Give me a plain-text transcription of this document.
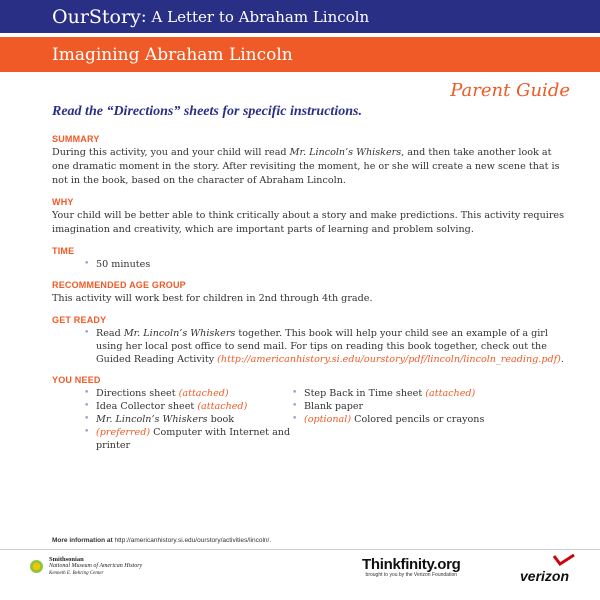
OurStory : A Letter to Abraham Lincoln
Imagining Abraham Lincoln
Parent Guide
Read the “Directions” sheets for specific instructions.
SUMMARY

During this activity, you and your child will read Mr. Lincoln’s Whiskers, and then take another look at one dramatic moment in the story. After revisiting the moment, he or she will create a new scene that is not in the book, based on the character of Abraham Lincoln.

WHY

Your child will be better able to think critically about a story and make predictions. This activity requires imagination and creativity, which are important parts of learning and problem solving.

TIME
• 50 minutes
RECOMMENDED AGE GROUP

This activity will work best for children in 2nd through 4th grade.

GET READY
• Read Mr. Lincoln’s Whiskers together. This book will help your child see an example of a girl using her local post office to send mail. For tips on reading this book together, check out the Guided Reading Activity (http://americanhistory.si.edu/ourstory/pdf/lincoln/lincoln_reading.pdf).
YOU NEED
• Directions sheet (attached)
• Idea Collector sheet (attached)
• Mr. Lincoln’s Whiskers book
• (preferred) Computer with Internet and printer
• Step Back in Time sheet (attached)
• Blank paper
• (optional) Colored pencils or crayons
More information at http://americanhistory.si.edu/ourstory/activities/lincoln/.
Smithsonian
National Museum of American History
Kenneth E. Behring Center
Thinkfinity.org
brought to you by the Verizon Foundation	verizon
